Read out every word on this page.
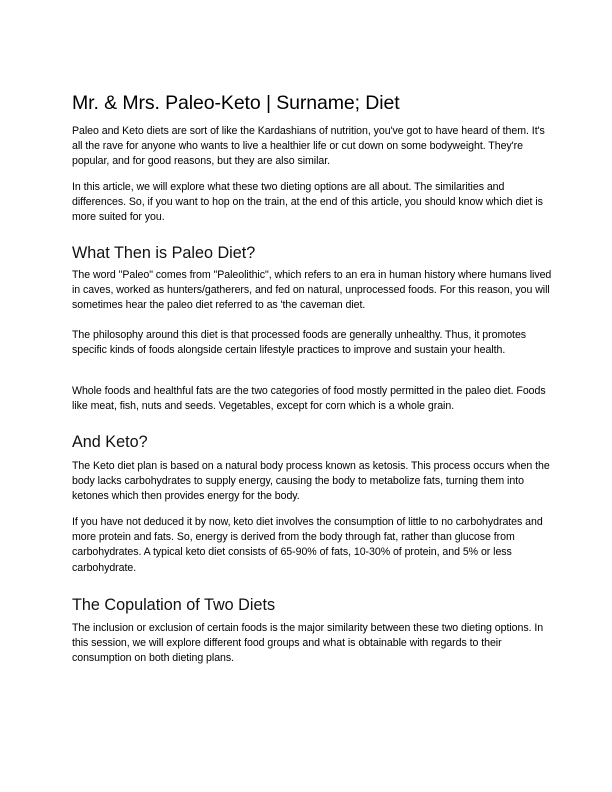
Mr. & Mrs. Paleo-Keto | Surname; Diet

Paleo and Keto diets are sort of like the Kardashians of nutrition, you've got to have heard of them. It's all the rave for anyone who wants to live a healthier life or cut down on some bodyweight. They're popular, and for good reasons, but they are also similar.

In this article, we will explore what these two dieting options are all about. The similarities and differences. So, if you want to hop on the train, at the end of this article, you should know which diet is more suited for you.

What Then is Paleo Diet?

The word "Paleo" comes from "Paleolithic", which refers to an era in human history where humans lived in caves, worked as hunters/gatherers, and fed on natural, unprocessed foods. For this reason, you will sometimes hear the paleo diet referred to as 'the caveman diet.

The philosophy around this diet is that processed foods are generally unhealthy. Thus, it promotes specific kinds of foods alongside certain lifestyle practices to improve and sustain your health.

Whole foods and healthful fats are the two categories of food mostly permitted in the paleo diet. Foods like meat, fish, nuts and seeds. Vegetables, except for corn which is a whole grain.

And Keto?

The Keto diet plan is based on a natural body process known as ketosis. This process occurs when the body lacks carbohydrates to supply energy, causing the body to metabolize fats, turning them into ketones which then provides energy for the body.

If you have not deduced it by now, keto diet involves the consumption of little to no carbohydrates and more protein and fats. So, energy is derived from the body through fat, rather than glucose from carbohydrates. A typical keto diet consists of 65-90% of fats, 10-30% of protein, and 5% or less carbohydrate.

The Copulation of Two Diets

The inclusion or exclusion of certain foods is the major similarity between these two dieting options. In this session, we will explore different food groups and what is obtainable with regards to their consumption on both dieting plans.
